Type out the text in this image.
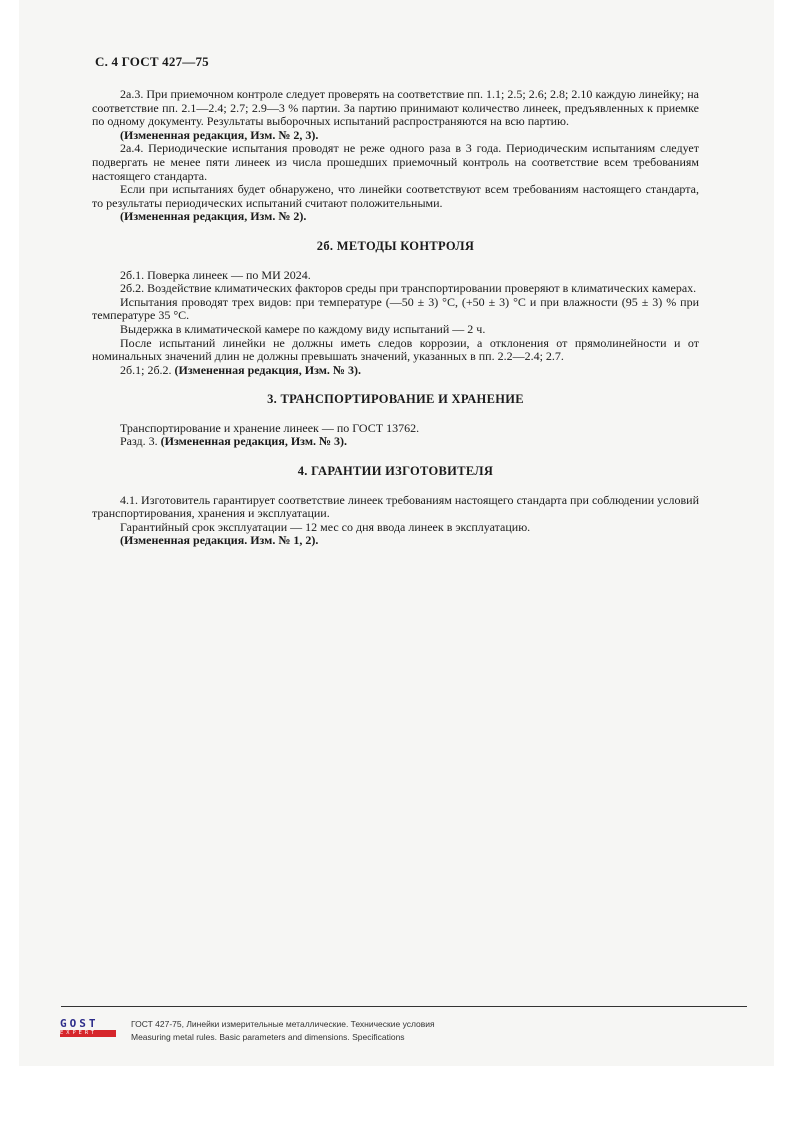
С. 4 ГОСТ 427—75

2а.3. При приемочном контроле следует проверять на соответствие пп. 1.1; 2.5; 2.6; 2.8; 2.10 каждую линейку; на соответствие пп. 2.1—2.4; 2.7; 2.9—3 % партии. За партию принимают количество линеек, предъявленных к приемке по одному документу. Результаты выборочных испытаний распространяются на всю партию.

(Измененная редакция, Изм. № 2, 3).

2а.4. Периодические испытания проводят не реже одного раза в 3 года. Периодическим испытаниям следует подвергать не менее пяти линеек из числа прошедших приемочный контроль на соответствие всем требованиям настоящего стандарта.

Если при испытаниях будет обнаружено, что линейки соответствуют всем требованиям настоящего стандарта, то результаты периодических испытаний считают положительными.

(Измененная редакция, Изм. № 2).

2б. МЕТОДЫ КОНТРОЛЯ

2б.1. Поверка линеек — по МИ 2024.

2б.2. Воздействие климатических факторов среды при транспортировании проверяют в климатических камерах.

Испытания проводят трех видов: при температуре (—50 ± 3) °С, (+50 ± 3) °С и при влажности (95 ± 3) % при температуре 35 °С.

Выдержка в климатической камере по каждому виду испытаний — 2 ч.

После испытаний линейки не должны иметь следов коррозии, а отклонения от прямолинейности и от номинальных значений длин не должны превышать значений, указанных в пп. 2.2—2.4; 2.7.

2б.1; 2б.2. (Измененная редакция, Изм. № 3).

3. ТРАНСПОРТИРОВАНИЕ И ХРАНЕНИЕ

Транспортирование и хранение линеек — по ГОСТ 13762.

Разд. 3. (Измененная редакция, Изм. № 3).

4. ГАРАНТИИ ИЗГОТОВИТЕЛЯ

4.1. Изготовитель гарантирует соответствие линеек требованиям настоящего стандарта при соблюдении условий транспортирования, хранения и эксплуатации.

Гарантийный срок эксплуатации — 12 мес со дня ввода линеек в эксплуатацию.

(Измененная редакция. Изм. № 1, 2).

GOST
EXPERT
ГОСТ 427-75, Линейки измерительные металлические. Технические условия
Measuring metal rules. Basic parameters and dimensions. Specifications
